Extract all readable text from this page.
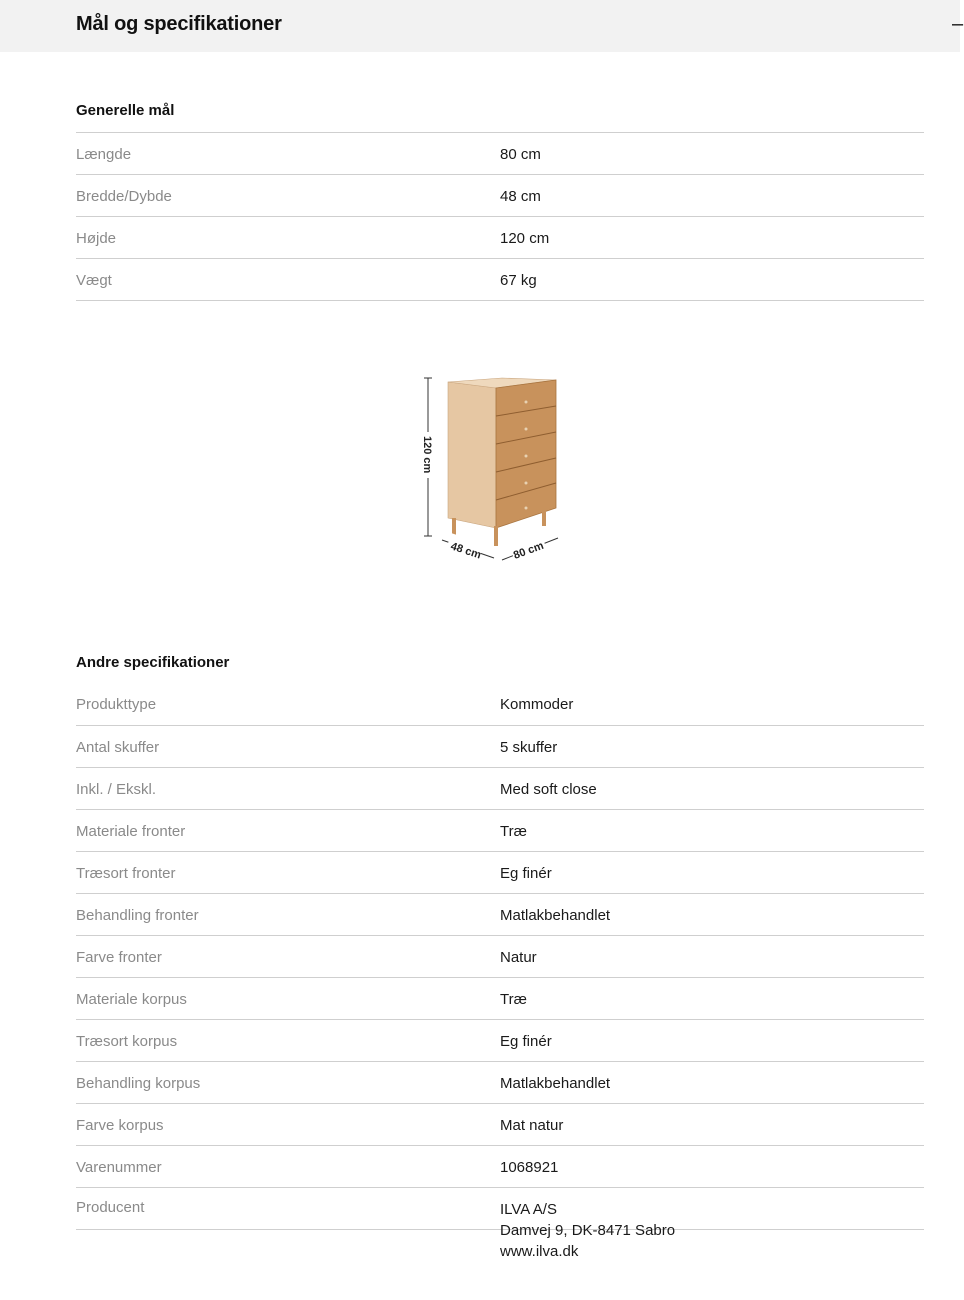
Mål og specifikationer	–
Generelle mål
Længde	80 cm
Bredde/Dybde	48 cm
Højde	120 cm
Vægt	67 kg
120 cm
48 cm	80 cm
Andre specifikationer
Produkttype	Kommoder
Antal skuffer	5 skuffer
Inkl. / Ekskl.	Med soft close
Materiale fronter	Træ
Træsort fronter	Eg finér
Behandling fronter	Matlakbehandlet
Farve fronter	Natur
Materiale korpus	Træ
Træsort korpus	Eg finér
Behandling korpus	Matlakbehandlet
Farve korpus	Mat natur
Varenummer	1068921
Producent	ILVA A/S
Damvej 9, DK-8471 Sabro
www.ilva.dk
